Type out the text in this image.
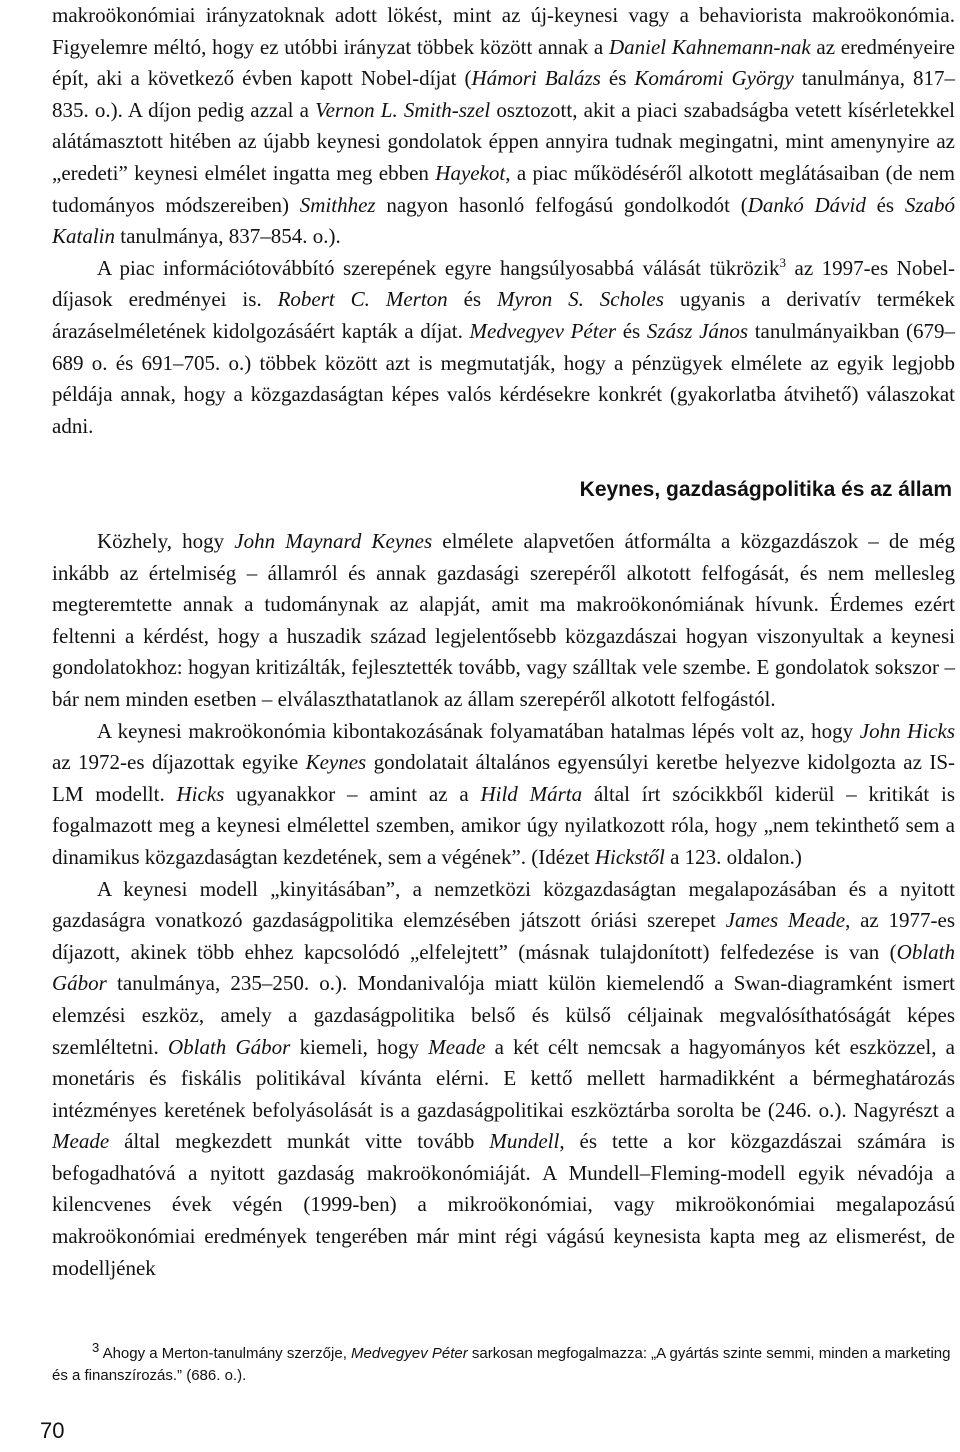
makroökonómiai irányzatoknak adott lökést, mint az új-keynesi vagy a behaviorista makroökonómia. Figyelemre méltó, hogy ez utóbbi irányzat többek között annak a Daniel Kahnemann-nak az eredményeire épít, aki a következő évben kapott Nobel-díjat (Hámori Balázs és Komáromi György tanulmánya, 817–835. o.). A díjon pedig azzal a Vernon L. Smith-szel osztozott, akit a piaci szabadságba vetett kísérletekkel alátámasztott hitében az újabb keynesi gondolatok éppen annyira tudnak megingatni, mint amenynyire az „eredeti” keynesi elmélet ingatta meg ebben Hayekot, a piac működéséről alkotott meglátásaiban (de nem tudományos módszereiben) Smithhez nagyon hasonló felfogású gondolkodót (Dankó Dávid és Szabó Katalin tanulmánya, 837–854. o.).

A piac információtovábbító szerepének egyre hangsúlyosabbá válását tükrözik$^3$ az 1997-es Nobel-díjasok eredményei is. Robert C. Merton és Myron S. Scholes ugyanis a derivatív termékek árazáselméletének kidolgozásáért kapták a díjat. Medvegyev Péter és Szász János tanulmányaikban (679–689 o. és 691–705. o.) többek között azt is megmutatják, hogy a pénzügyek elmélete az egyik legjobb példája annak, hogy a közgazdaságtan képes valós kérdésekre konkrét (gyakorlatba átvihető) válaszokat adni.

Keynes, gazdaságpolitika és az állam

Közhely, hogy John Maynard Keynes elmélete alapvetően átformálta a közgazdászok – de még inkább az értelmiség – államról és annak gazdasági szerepéről alkotott felfogását, és nem mellesleg megteremtette annak a tudománynak az alapját, amit ma makroökonómiának hívunk. Érdemes ezért feltenni a kérdést, hogy a huszadik század legjelentősebb közgazdászai hogyan viszonyultak a keynesi gondolatokhoz: hogyan kritizálták, fejlesztették tovább, vagy szálltak vele szembe. E gondolatok sokszor – bár nem minden esetben – elválaszthatatlanok az állam szerepéről alkotott felfogástól.

A keynesi makroökonómia kibontakozásának folyamatában hatalmas lépés volt az, hogy John Hicks az 1972-es díjazottak egyike Keynes gondolatait általános egyensúlyi keretbe helyezve kidolgozta az IS-LM modellt. Hicks ugyanakkor – amint az a Hild Márta által írt szócikkből kiderül – kritikát is fogalmazott meg a keynesi elmélettel szemben, amikor úgy nyilatkozott róla, hogy „nem tekinthető sem a dinamikus közgazdaságtan kezdetének, sem a végének”. (Idézet Hickstől a 123. oldalon.)

A keynesi modell „kinyitásában”, a nemzetközi közgazdaságtan megalapozásában és a nyitott gazdaságra vonatkozó gazdaságpolitika elemzésében játszott óriási szerepet James Meade, az 1977-es díjazott, akinek több ehhez kapcsolódó „elfelejtett” (másnak tulajdonított) felfedezése is van (Oblath Gábor tanulmánya, 235–250. o.). Mondanivalója miatt külön kiemelendő a Swan-diagramként ismert elemzési eszköz, amely a gazdaságpolitika belső és külső céljainak megvalósíthatóságát képes szemléltetni. Oblath Gábor kiemeli, hogy Meade a két célt nemcsak a hagyományos két eszközzel, a monetáris és fiskális politikával kívánta elérni. E kettő mellett harmadikként a bérmeghatározás intézményes keretének befolyásolását is a gazdaságpolitikai eszköztárba sorolta be (246. o.). Nagyrészt a Meade által megkezdett munkát vitte tovább Mundell, és tette a kor közgazdászai számára is befogadhatóvá a nyitott gazdaság makroökonómiáját. A Mundell–Fleming-modell egyik névadója a kilencvenes évek végén (1999-ben) a mikroökonómiai, vagy mikroökonómiai megalapozású makroökonómiai eredmények tengerében már mint régi vágású keynesista kapta meg az elismerést, de modelljének

$^3$ Ahogy a Merton-tanulmány szerzője, Medvegyev Péter sarkosan megfogalmazza: „A gyártás szinte semmi, minden a marketing és a finanszírozás.” (686. o.).

70
